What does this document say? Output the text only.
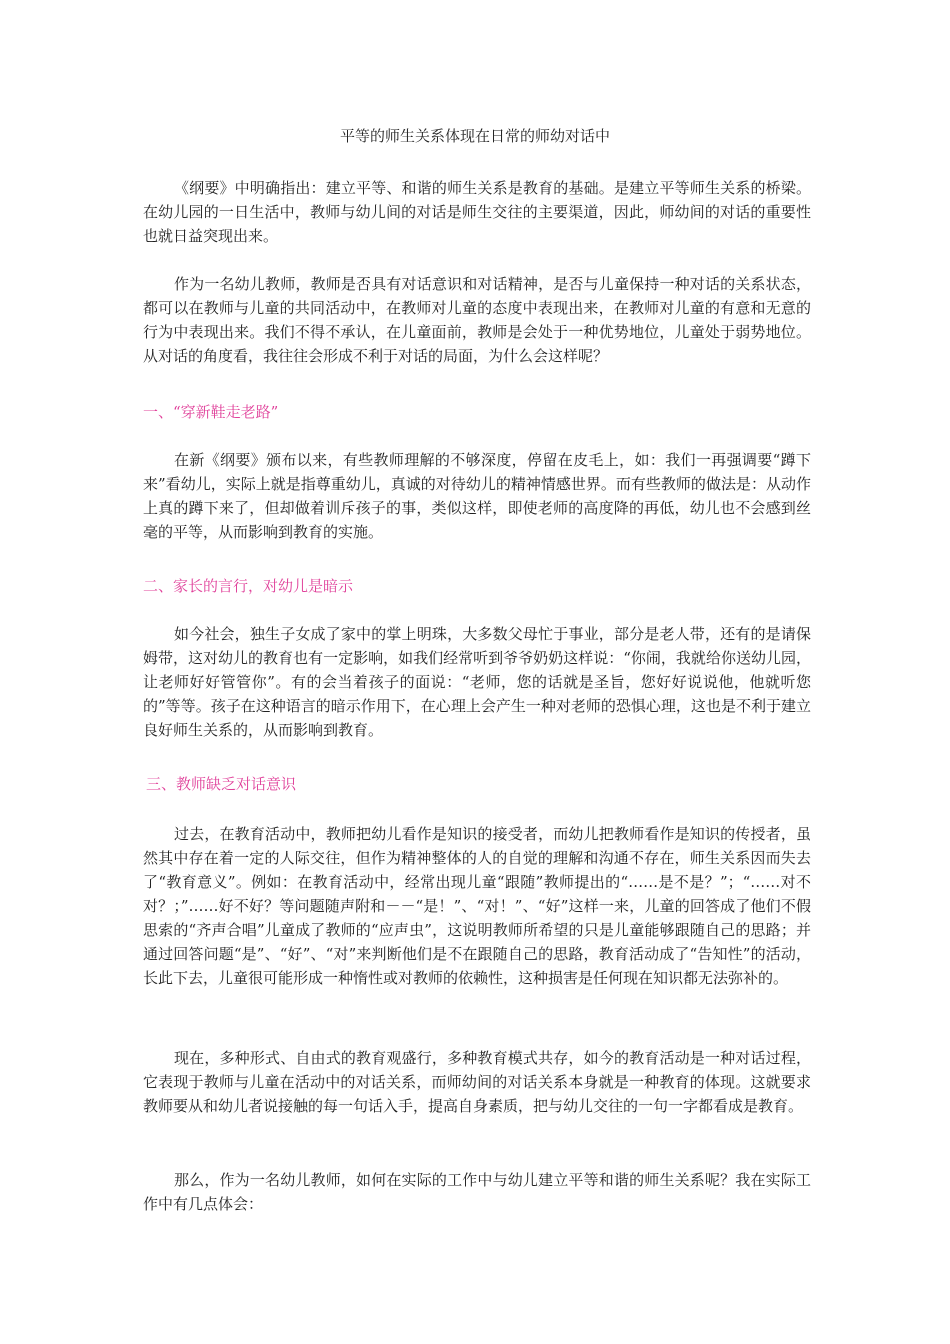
平等的师生关系体现在日常的师幼对话中

《纲要》中明确指出：建立平等、和谐的师生关系是教育的基础。是建立平等师生关系的桥梁。在幼儿园的一日生活中，教师与幼儿间的对话是师生交往的主要渠道，因此，师幼间的对话的重要性也就日益突现出来。

作为一名幼儿教师，教师是否具有对话意识和对话精神，是否与儿童保持一种对话的关系状态，都可以在教师与儿童的共同活动中，在教师对儿童的态度中表现出来，在教师对儿童的有意和无意的行为中表现出来。我们不得不承认，在儿童面前，教师是会处于一种优势地位，儿童处于弱势地位。从对话的角度看，我往往会形成不利于对话的局面，为什么会这样呢？

一、“穿新鞋走老路”

在新《纲要》颁布以来，有些教师理解的不够深度，停留在皮毛上，如：我们一再强调要“蹲下来”看幼儿，实际上就是指尊重幼儿，真诚的对待幼儿的精神情感世界。而有些教师的做法是：从动作上真的蹲下来了，但却做着训斥孩子的事，类似这样，即使老师的高度降的再低，幼儿也不会感到丝毫的平等，从而影响到教育的实施。

二、家长的言行，对幼儿是暗示

如今社会，独生子女成了家中的掌上明珠，大多数父母忙于事业，部分是老人带，还有的是请保姆带，这对幼儿的教育也有一定影响，如我们经常听到爷爷奶奶这样说：“你闹，我就给你送幼儿园，让老师好好管管你”。有的会当着孩子的面说：“老师，您的话就是圣旨，您好好说说他，他就听您的”等等。孩子在这种语言的暗示作用下，在心理上会产生一种对老师的恐惧心理，这也是不利于建立良好师生关系的，从而影响到教育。

三、教师缺乏对话意识

过去，在教育活动中，教师把幼儿看作是知识的接受者，而幼儿把教师看作是知识的传授者，虽然其中存在着一定的人际交往，但作为精神整体的人的自觉的理解和沟通不存在，师生关系因而失去了“教育意义”。例如：在教育活动中，经常出现儿童“跟随”教师提出的“……是不是？”；“……对不对？；”……好不好？等问题随声附和－－“是！”、“对！”、“好”这样一来，儿童的回答成了他们不假思索的“齐声合唱”儿童成了教师的“应声虫”，这说明教师所希望的只是儿童能够跟随自己的思路；并通过回答问题“是”、“好”、“对”来判断他们是不在跟随自己的思路，教育活动成了“告知性”的活动，长此下去，儿童很可能形成一种惰性或对教师的依赖性，这种损害是任何现在知识都无法弥补的。

现在，多种形式、自由式的教育观盛行，多种教育模式共存，如今的教育活动是一种对话过程，它表现于教师与儿童在活动中的对话关系，而师幼间的对话关系本身就是一种教育的体现。这就要求教师要从和幼儿者说接触的每一句话入手，提高自身素质，把与幼儿交往的一句一字都看成是教育。

那么，作为一名幼儿教师，如何在实际的工作中与幼儿建立平等和谐的师生关系呢？我在实际工作中有几点体会：
